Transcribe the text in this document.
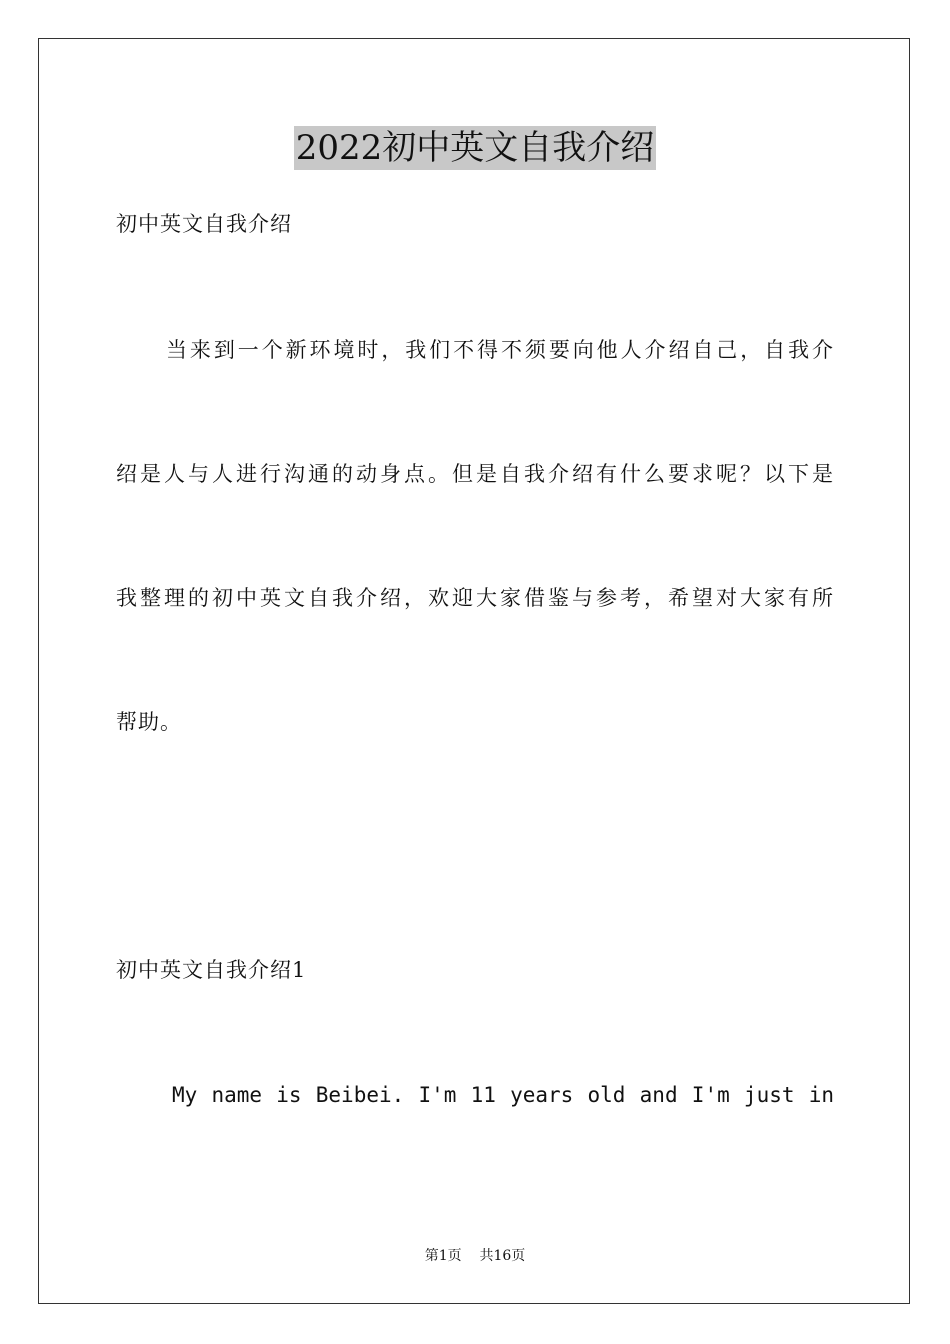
2022初中英文自我介绍
初中英文自我介绍
当来到一个新环境时，我们不得不须要向他人介绍自己，自我介
绍是人与人进行沟通的动身点。但是自我介绍有什么要求呢？以下是
我整理的初中英文自我介绍，欢迎大家借鉴与参考，希望对大家有所
帮助。
初中英文自我介绍1
My name is Beibei. I'm 11 years old and I'm just in
第1页 共16页
